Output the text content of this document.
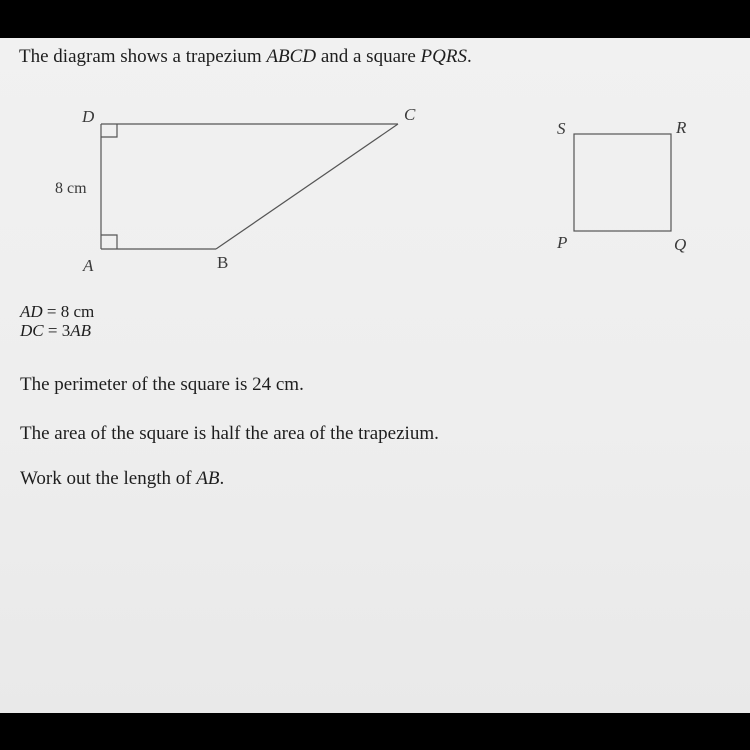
The diagram shows a trapezium ABCD and a square PQRS.
D	C
A	B
8 cm
S	R
P	Q
AD = 8 cm
DC = 3AB
The perimeter of the square is 24 cm.
The area of the square is half the area of the trapezium.
Work out the length of AB.
